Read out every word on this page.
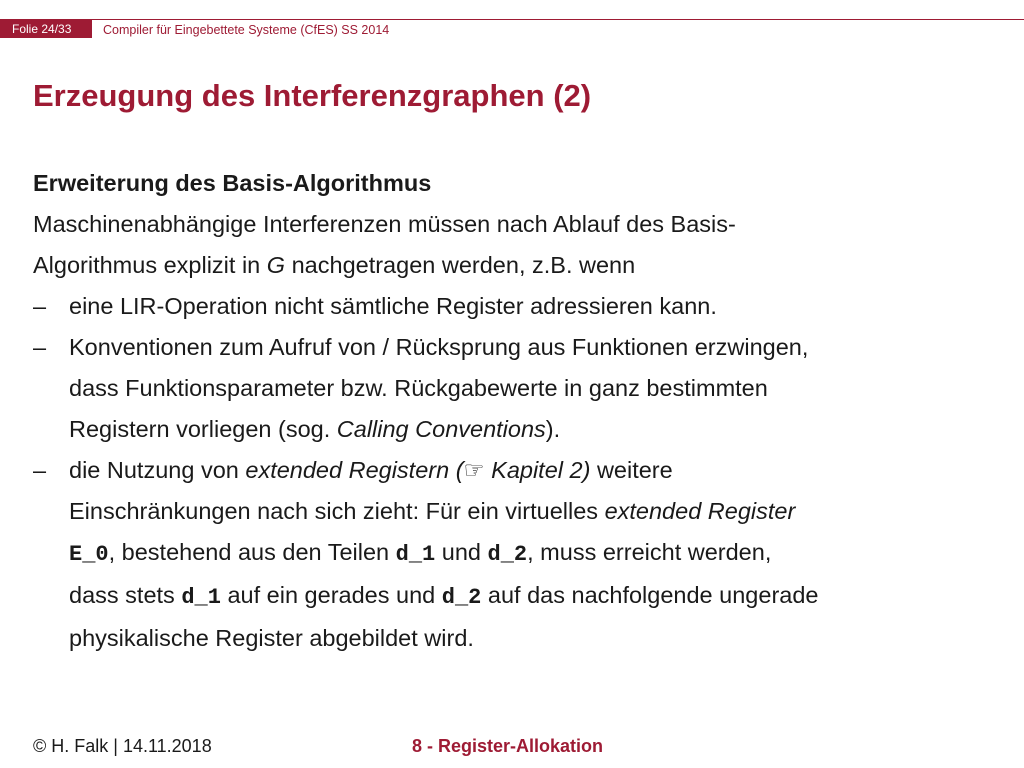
Folie 24/33	Compiler für Eingebettete Systeme (CfES) SS 2014
Erzeugung des Interferenzgraphen (2)

Erweiterung des Basis-Algorithmus

Maschinenabhängige Interferenzen müssen nach Ablauf des Basis-

Algorithmus explizit in G nachgetragen werden, z.B. wenn

– eine LIR-Operation nicht sämtliche Register adressieren kann.

– Konventionen zum Aufruf von / Rücksprung aus Funktionen erzwingen,

dass Funktionsparameter bzw. Rückgabewerte in ganz bestimmten

Registern vorliegen (sog. Calling Conventions).

– die Nutzung von extended Registern (☞ Kapitel 2) weitere

Einschränkungen nach sich zieht: Für ein virtuelles extended Register

E_0, bestehend aus den Teilen d_1 und d_2, muss erreicht werden,

dass stets d_1 auf ein gerades und d_2 auf das nachfolgende ungerade

physikalische Register abgebildet wird.

© H. Falk | 14.11.2018	8 - Register-Allokation
